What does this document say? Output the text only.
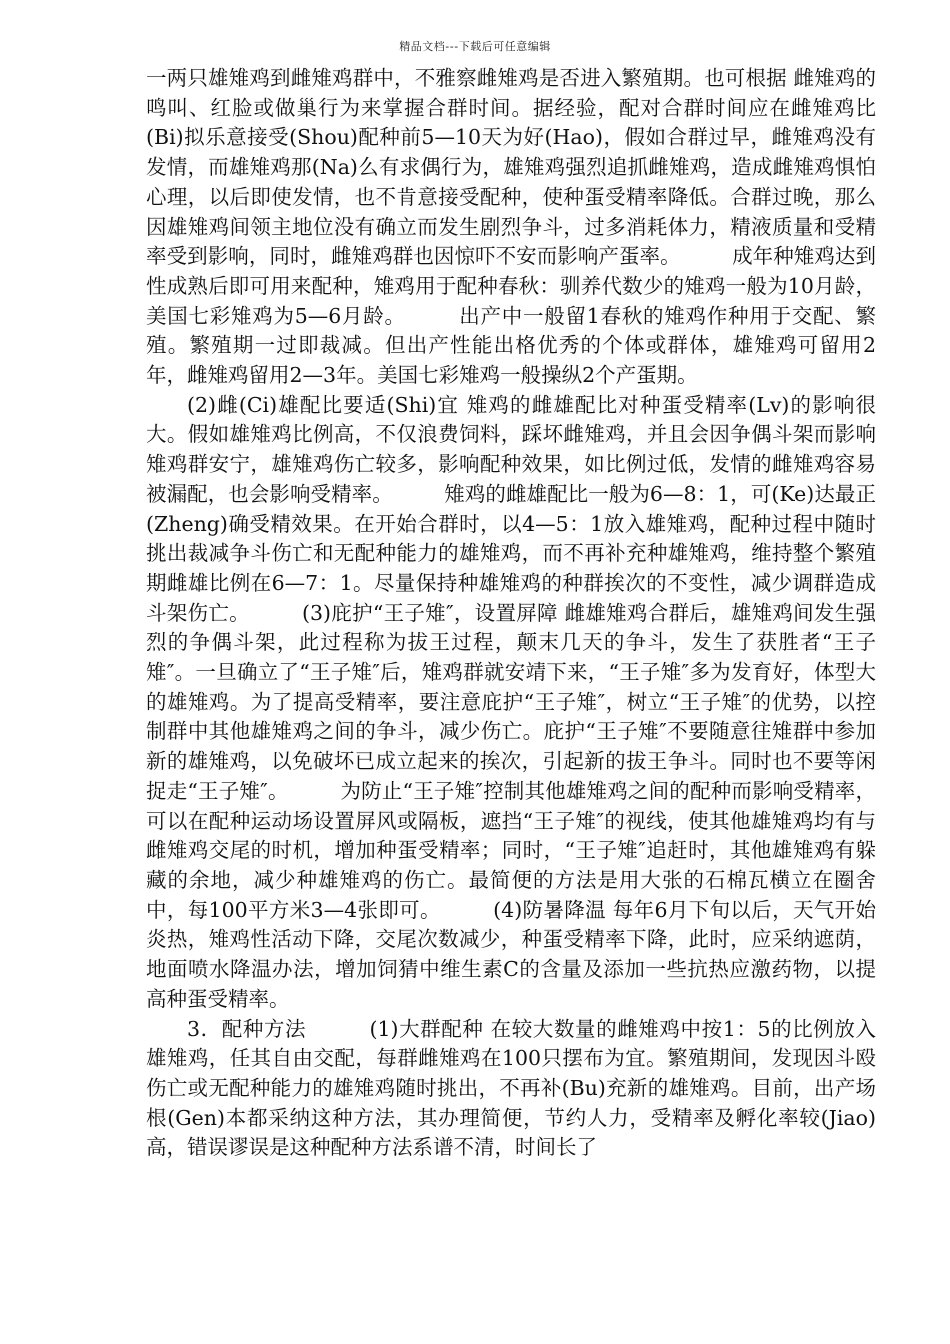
精品文档---下载后可任意编辑

一两只雄雉鸡到雌雉鸡群中，不雅察雌雉鸡是否进入繁殖期。也可根据 雌雉鸡的鸣叫、红脸或做巢行为来掌握合群时间。据经验，配对合群时间应在雌雉鸡比(Bi)拟乐意接受(Shou)配种前5—10天为好(Hao)，假如合群过早，雌雉鸡没有发情，而雄雉鸡那(Na)么有求偶行为，雄雉鸡强烈追抓雌雉鸡，造成雌雉鸡惧怕心理，以后即使发情，也不肯意接受配种，使种蛋受精率降低。合群过晚，那么因雄雉鸡间领主地位没有确立而发生剧烈争斗，过多消耗体力，精液质量和受精率受到影响，同时，雌雉鸡群也因惊吓不安而影响产蛋率。　　　成年种雉鸡达到性成熟后即可用来配种，雉鸡用于配种春秋：驯养代数少的雉鸡一般为10月龄，美国七彩雉鸡为5—6月龄。　　　出产中一般留1春秋的雉鸡作种用于交配、繁殖。繁殖期一过即裁减。但出产性能出格优秀的个体或群体，雄雉鸡可留用2年，雌雉鸡留用2—3年。美国七彩雉鸡一般操纵2个产蛋期。

(2)雌(Ci)雄配比要适(Shi)宜 雉鸡的雌雄配比对种蛋受精率(Lv)的影响很大。假如雄雉鸡比例高，不仅浪费饲料，踩坏雌雉鸡，并且会因争偶斗架而影响雉鸡群安宁，雄雉鸡伤亡较多，影响配种效果，如比例过低，发情的雌雉鸡容易被漏配，也会影响受精率。　　　雉鸡的雌雄配比一般为6—8：1，可(Ke)达最正(Zheng)确受精效果。在开始合群时，以4—5：1放入雄雉鸡，配种过程中随时挑出裁减争斗伤亡和无配种能力的雄雉鸡，而不再补充种雄雉鸡，维持整个繁殖期雌雄比例在6—7：1。尽量保持种雄雉鸡的种群挨次的不变性，减少调群造成斗架伤亡。　　　(3)庇护“王子雉″，设置屏障 雌雄雉鸡合群后，雄雉鸡间发生强烈的争偶斗架，此过程称为拔王过程，颠末几天的争斗，发生了获胜者“王子雉″。一旦确立了“王子雉″后，雉鸡群就安靖下来，“王子雉″多为发育好，体型大的雄雉鸡。为了提高受精率，要注意庇护“王子雉″，树立“王子雉″的优势，以控制群中其他雄雉鸡之间的争斗，减少伤亡。庇护“王子雉″不要随意往雉群中参加新的雄雉鸡，以免破坏已成立起来的挨次，引起新的拔王争斗。同时也不要等闲捉走“王子雉″。　　　为防止“王子雉″控制其他雄雉鸡之间的配种而影响受精率，可以在配种运动场设置屏风或隔板，遮挡“王子雉″的视线，使其他雄雉鸡均有与雌雉鸡交尾的时机，增加种蛋受精率；同时，“王子雉″追赶时，其他雄雉鸡有躲藏的余地，减少种雄雉鸡的伤亡。最简便的方法是用大张的石棉瓦横立在圈舍中，每100平方米3—4张即可。　　　(4)防暑降温 每年6月下旬以后，天气开始炎热，雉鸡性活动下降，交尾次数减少，种蛋受精率下降，此时，应采纳遮荫，地面喷水降温办法，增加饲猜中维生素C的含量及添加一些抗热应激药物，以提高种蛋受精率。

3．配种方法　　　(1)大群配种 在较大数量的雌雉鸡中按1：5的比例放入雄雉鸡，任其自由交配，每群雌雉鸡在100只摆布为宜。繁殖期间，发现因斗殴伤亡或无配种能力的雄雉鸡随时挑出，不再补(Bu)充新的雄雉鸡。目前，出产场根(Gen)本都采纳这种方法，其办理简便，节约人力，受精率及孵化率较(Jiao)高，错误谬误是这种配种方法系谱不清，时间长了
